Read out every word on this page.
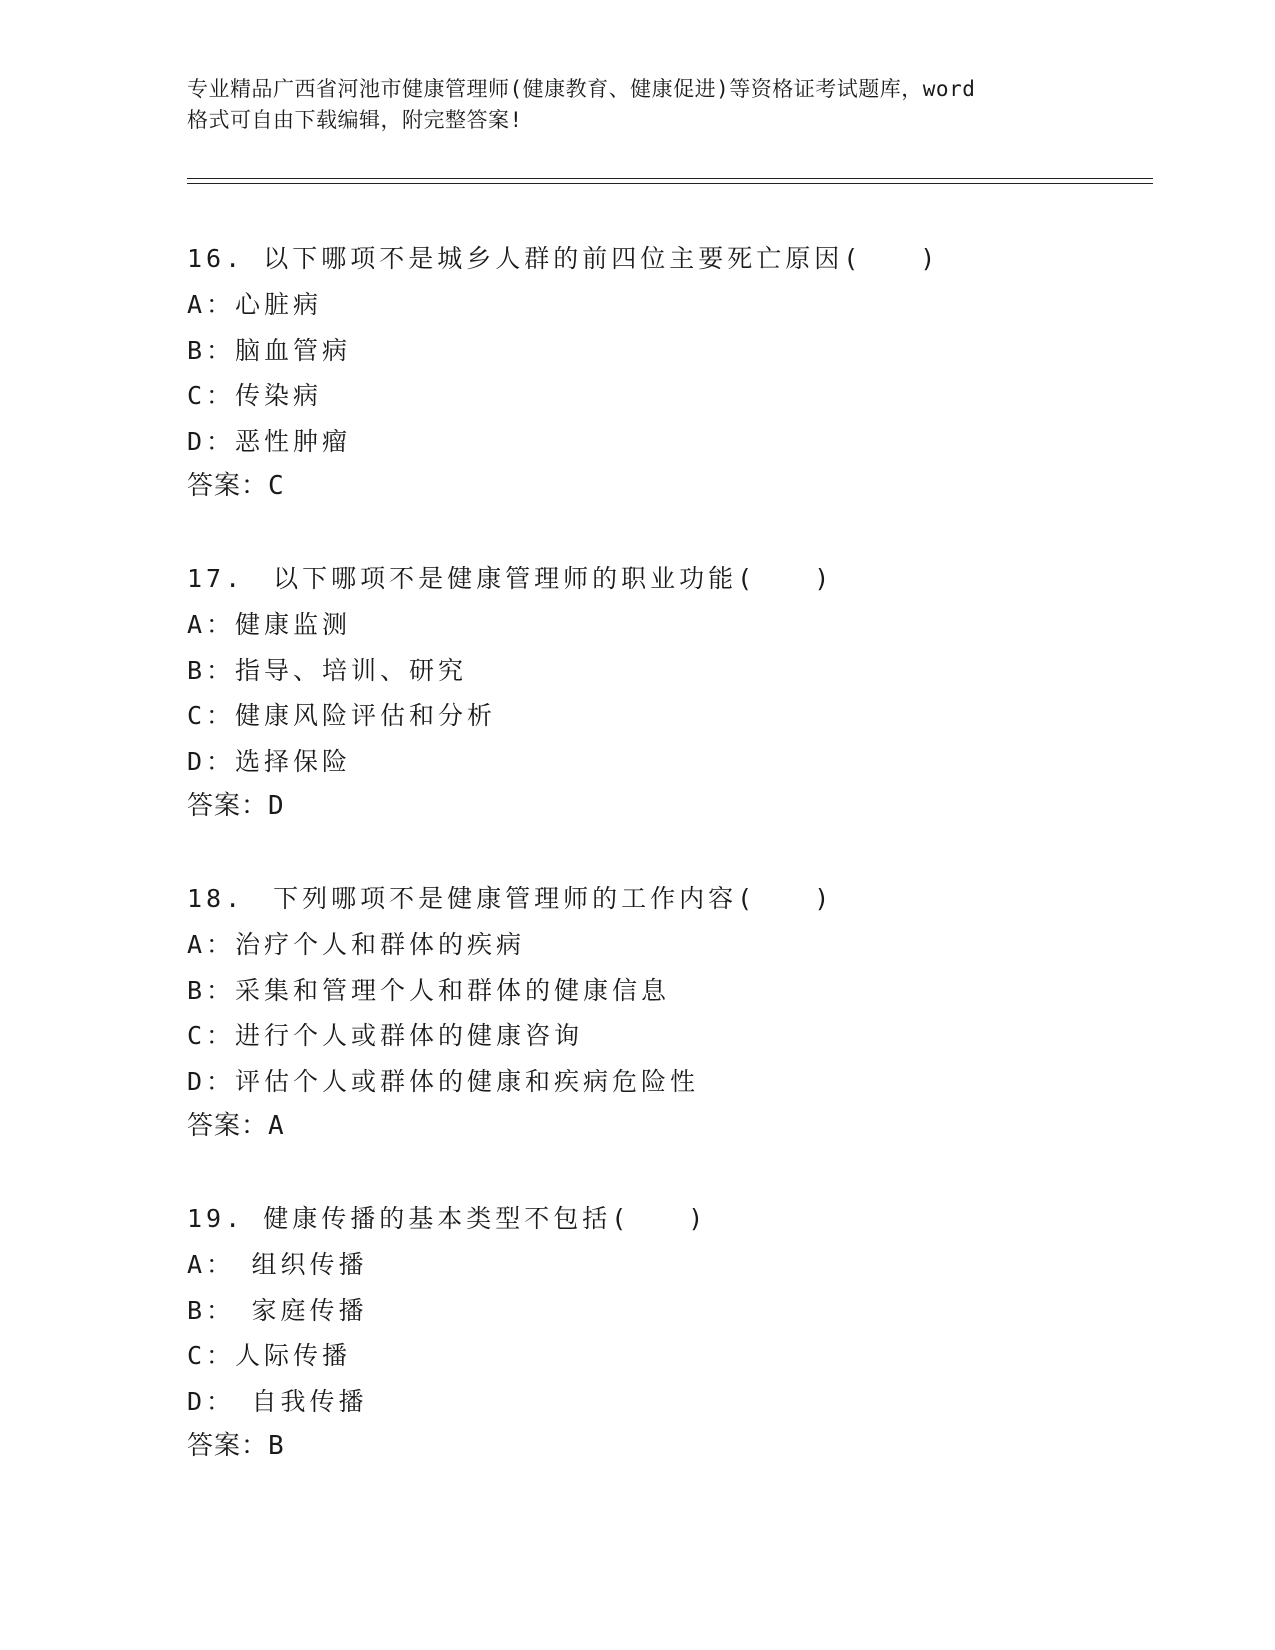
专业精品广西省河池市健康管理师(健康教育、健康促进)等资格证考试题库，word
格式可自由下载编辑，附完整答案!
16. 以下哪项不是城乡人群的前四位主要死亡原因(　　)
A：心脏病
B：脑血管病
C：传染病
D：恶性肿瘤
答案：C
17.　以下哪项不是健康管理师的职业功能(　　)
A：健康监测
B：指导、培训、研究
C：健康风险评估和分析
D：选择保险
答案：D
18.　下列哪项不是健康管理师的工作内容(　　)
A：治疗个人和群体的疾病
B：采集和管理个人和群体的健康信息
C：进行个人或群体的健康咨询
D：评估个人或群体的健康和疾病危险性
答案：A
19. 健康传播的基本类型不包括(　　)
A：　组织传播
B：　家庭传播
C：人际传播
D：　自我传播
答案：B
